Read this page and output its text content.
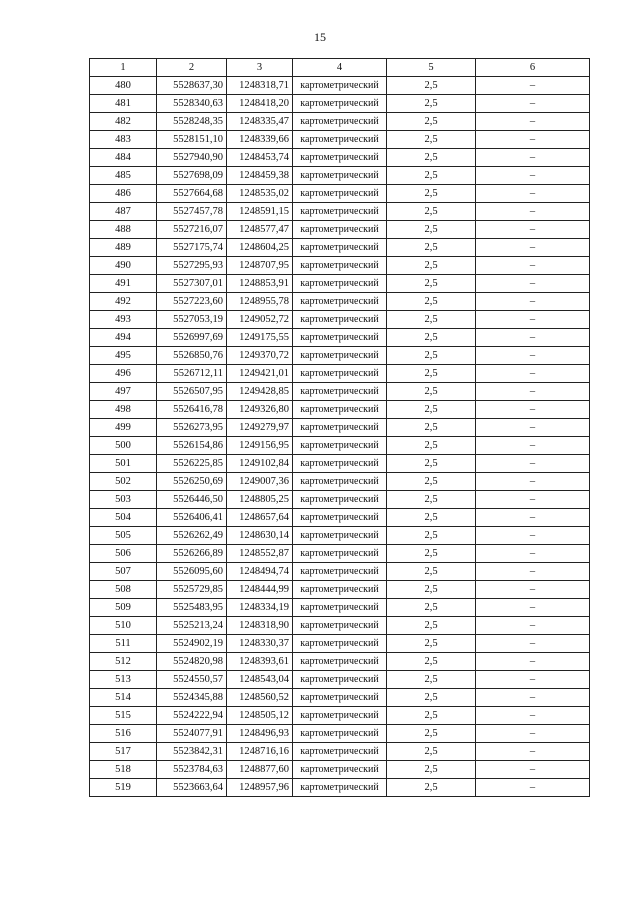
15
1	2	3	4	5	6
480	5528637,30	1248318,71	картометрический	2,5	–
481	5528340,63	1248418,20	картометрический	2,5	–
482	5528248,35	1248335,47	картометрический	2,5	–
483	5528151,10	1248339,66	картометрический	2,5	–
484	5527940,90	1248453,74	картометрический	2,5	–
485	5527698,09	1248459,38	картометрический	2,5	–
486	5527664,68	1248535,02	картометрический	2,5	–
487	5527457,78	1248591,15	картометрический	2,5	–
488	5527216,07	1248577,47	картометрический	2,5	–
489	5527175,74	1248604,25	картометрический	2,5	–
490	5527295,93	1248707,95	картометрический	2,5	–
491	5527307,01	1248853,91	картометрический	2,5	–
492	5527223,60	1248955,78	картометрический	2,5	–
493	5527053,19	1249052,72	картометрический	2,5	–
494	5526997,69	1249175,55	картометрический	2,5	–
495	5526850,76	1249370,72	картометрический	2,5	–
496	5526712,11	1249421,01	картометрический	2,5	–
497	5526507,95	1249428,85	картометрический	2,5	–
498	5526416,78	1249326,80	картометрический	2,5	–
499	5526273,95	1249279,97	картометрический	2,5	–
500	5526154,86	1249156,95	картометрический	2,5	–
501	5526225,85	1249102,84	картометрический	2,5	–
502	5526250,69	1249007,36	картометрический	2,5	–
503	5526446,50	1248805,25	картометрический	2,5	–
504	5526406,41	1248657,64	картометрический	2,5	–
505	5526262,49	1248630,14	картометрический	2,5	–
506	5526266,89	1248552,87	картометрический	2,5	–
507	5526095,60	1248494,74	картометрический	2,5	–
508	5525729,85	1248444,99	картометрический	2,5	–
509	5525483,95	1248334,19	картометрический	2,5	–
510	5525213,24	1248318,90	картометрический	2,5	–
511	5524902,19	1248330,37	картометрический	2,5	–
512	5524820,98	1248393,61	картометрический	2,5	–
513	5524550,57	1248543,04	картометрический	2,5	–
514	5524345,88	1248560,52	картометрический	2,5	–
515	5524222,94	1248505,12	картометрический	2,5	–
516	5524077,91	1248496,93	картометрический	2,5	–
517	5523842,31	1248716,16	картометрический	2,5	–
518	5523784,63	1248877,60	картометрический	2,5	–
519	5523663,64	1248957,96	картометрический	2,5	–
